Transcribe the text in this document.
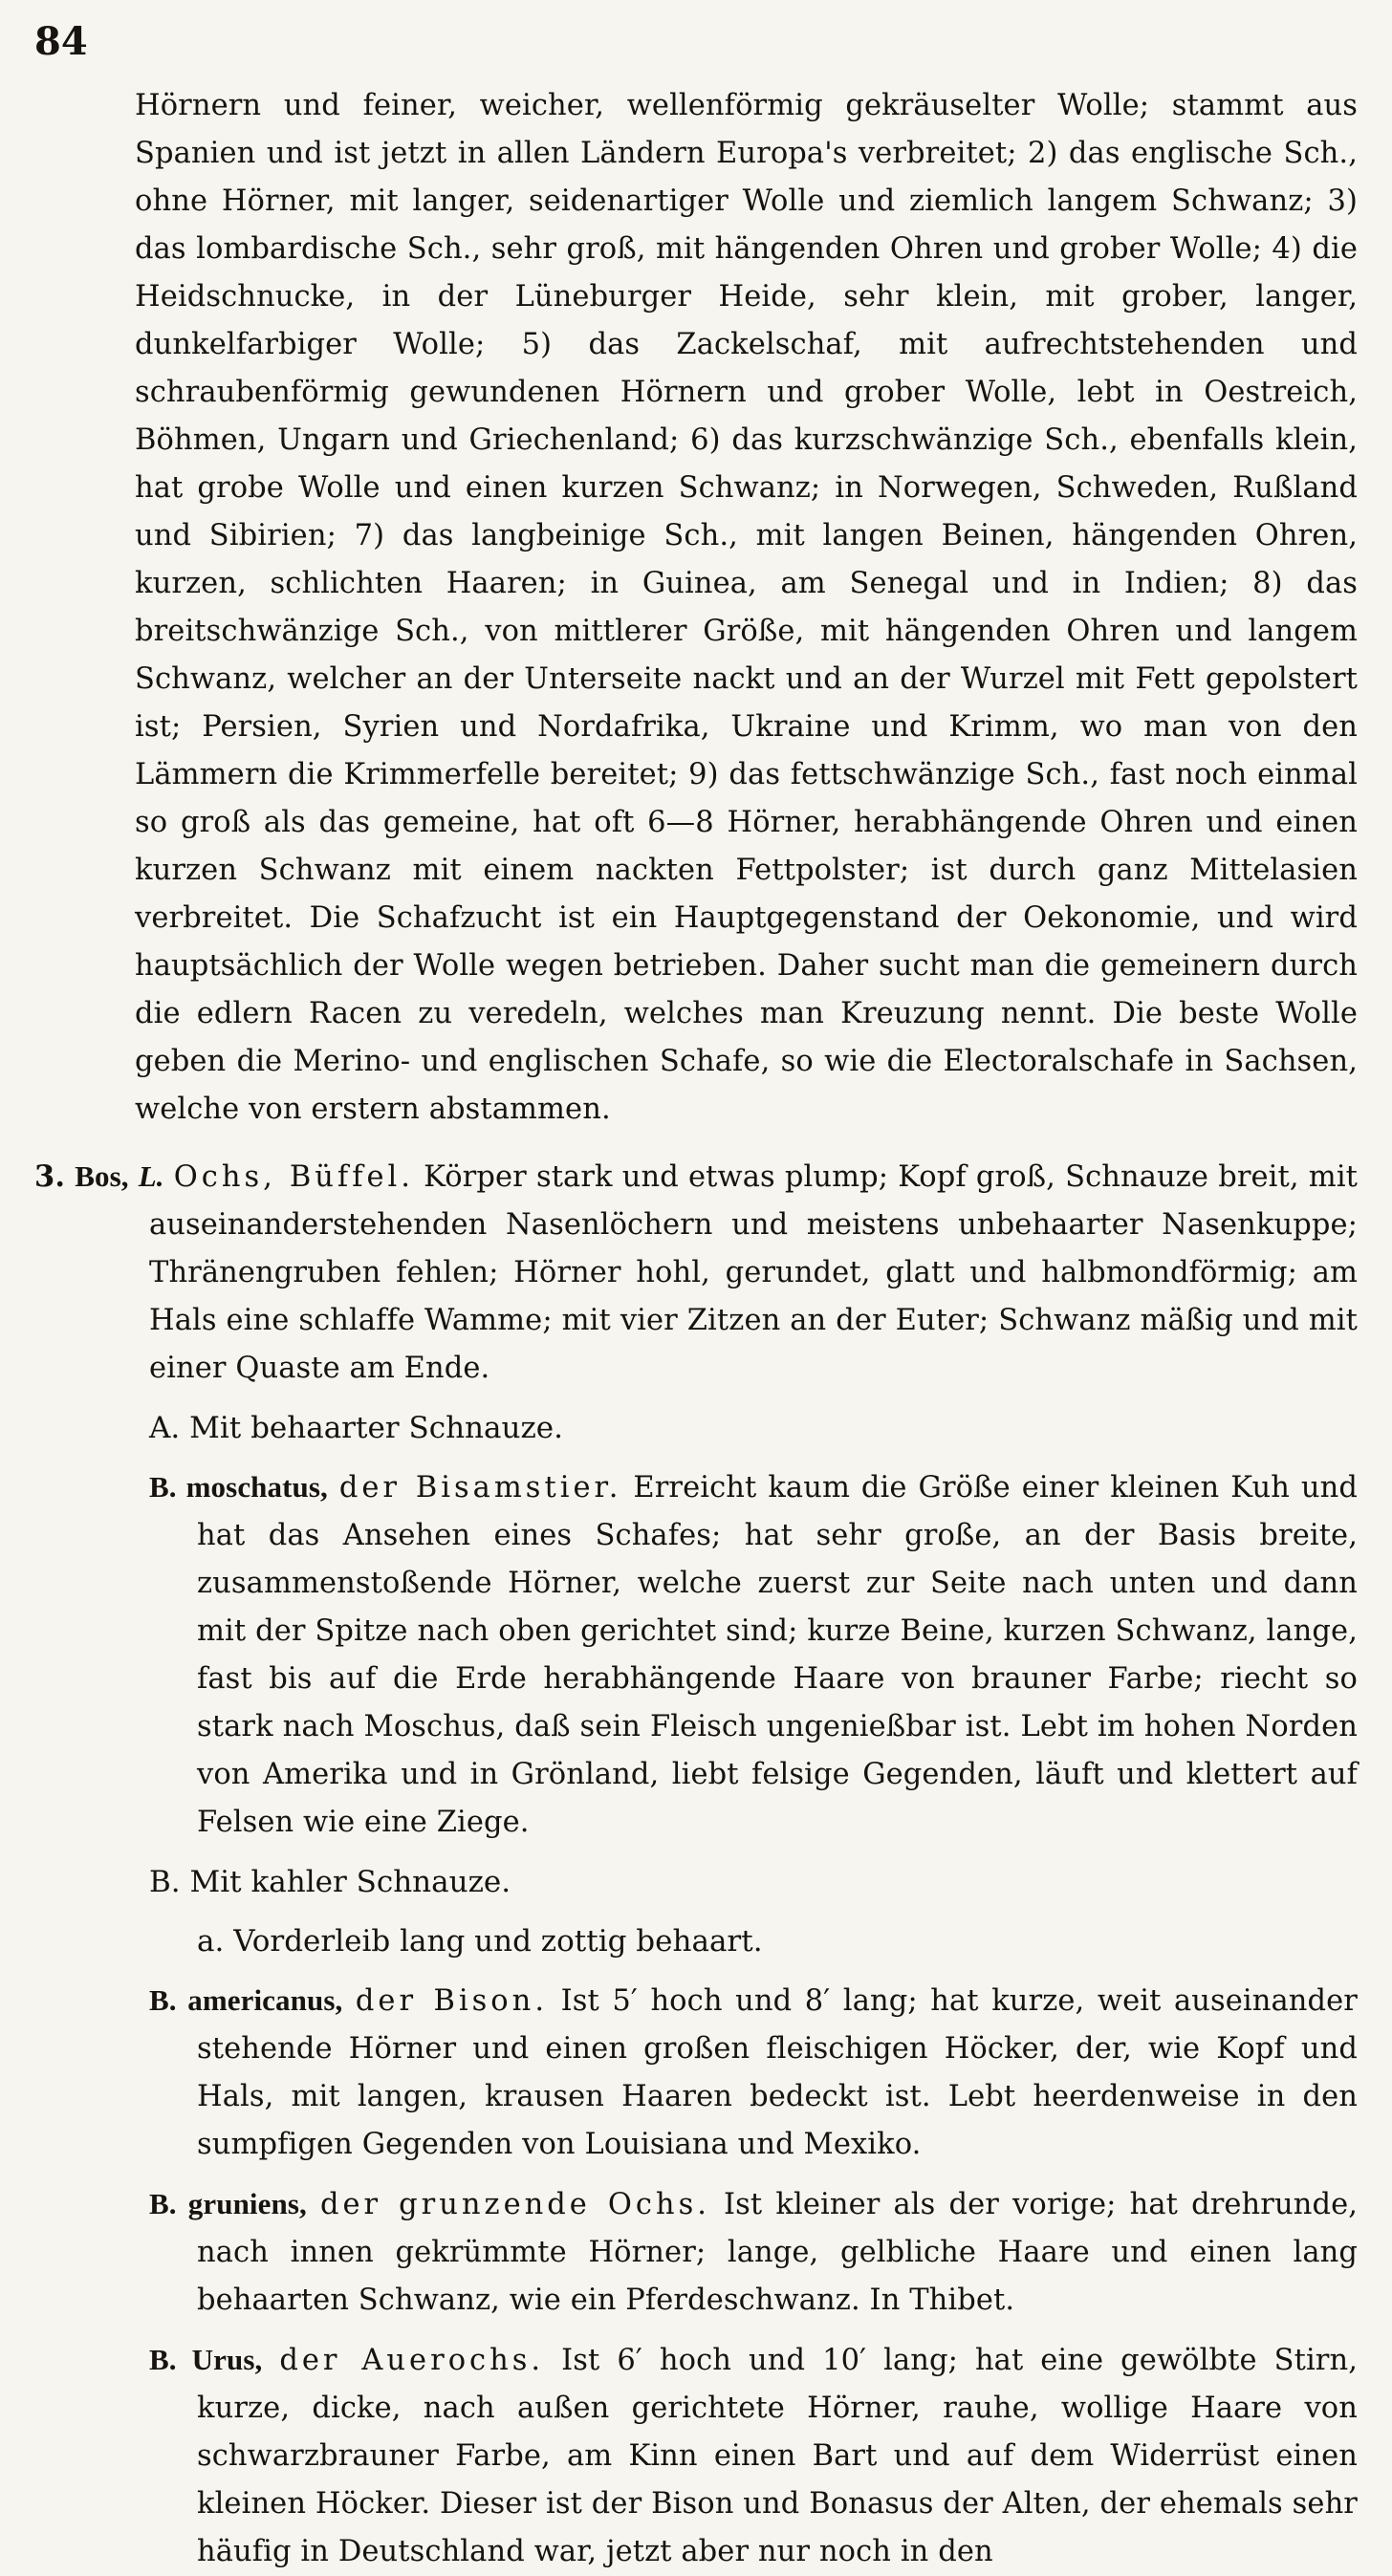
84

Hörnern und feiner, weicher, wellenförmig gekräuselter Wolle; stammt aus Spanien und ist jetzt in allen Ländern Europa's verbreitet; 2) das englische Sch., ohne Hörner, mit langer, seidenartiger Wolle und ziemlich langem Schwanz; 3) das lombardische Sch., sehr groß, mit hängenden Ohren und grober Wolle; 4) die Heidschnucke, in der Lüneburger Heide, sehr klein, mit grober, langer, dunkelfarbiger Wolle; 5) das Zackelschaf, mit aufrechtstehenden und schraubenförmig gewundenen Hörnern und grober Wolle, lebt in Oestreich, Böhmen, Ungarn und Griechenland; 6) das kurzschwänzige Sch., ebenfalls klein, hat grobe Wolle und einen kurzen Schwanz; in Norwegen, Schweden, Rußland und Sibirien; 7) das langbeinige Sch., mit langen Beinen, hängenden Ohren, kurzen, schlichten Haaren; in Guinea, am Senegal und in Indien; 8) das breitschwänzige Sch., von mittlerer Größe, mit hängenden Ohren und langem Schwanz, welcher an der Unterseite nackt und an der Wurzel mit Fett gepolstert ist; Persien, Syrien und Nordafrika, Ukraine und Krimm, wo man von den Lämmern die Krimmerfelle bereitet; 9) das fettschwänzige Sch., fast noch einmal so groß als das gemeine, hat oft 6—8 Hörner, herabhängende Ohren und einen kurzen Schwanz mit einem nackten Fettpolster; ist durch ganz Mittelasien verbreitet. Die Schafzucht ist ein Hauptgegenstand der Oekonomie, und wird hauptsächlich der Wolle wegen betrieben. Daher sucht man die gemeinern durch die edlern Racen zu veredeln, welches man Kreuzung nennt. Die beste Wolle geben die Merino- und englischen Schafe, so wie die Electoralschafe in Sachsen, welche von erstern abstammen.

3. Bos, L. Ochs, Büffel. Körper stark und etwas plump; Kopf groß, Schnauze breit, mit auseinanderstehenden Nasenlöchern und meistens unbehaarter Nasenkuppe; Thränengruben fehlen; Hörner hohl, gerundet, glatt und halbmondförmig; am Hals eine schlaffe Wamme; mit vier Zitzen an der Euter; Schwanz mäßig und mit einer Quaste am Ende.

A. Mit behaarter Schnauze.

B. moschatus, der Bisamstier. Erreicht kaum die Größe einer kleinen Kuh und hat das Ansehen eines Schafes; hat sehr große, an der Basis breite, zusammenstoßende Hörner, welche zuerst zur Seite nach unten und dann mit der Spitze nach oben gerichtet sind; kurze Beine, kurzen Schwanz, lange, fast bis auf die Erde herabhängende Haare von brauner Farbe; riecht so stark nach Moschus, daß sein Fleisch ungenießbar ist. Lebt im hohen Norden von Amerika und in Grönland, liebt felsige Gegenden, läuft und klettert auf Felsen wie eine Ziege.

B. Mit kahler Schnauze.
a. Vorderleib lang und zottig behaart.

B. americanus, der Bison. Ist 5′ hoch und 8′ lang; hat kurze, weit auseinander stehende Hörner und einen großen fleischigen Höcker, der, wie Kopf und Hals, mit langen, krausen Haaren bedeckt ist. Lebt heerdenweise in den sumpfigen Gegenden von Louisiana und Mexiko.

B. gruniens, der grunzende Ochs. Ist kleiner als der vorige; hat drehrunde, nach innen gekrümmte Hörner; lange, gelbliche Haare und einen lang behaarten Schwanz, wie ein Pferdeschwanz. In Thibet.

B. Urus, der Auerochs. Ist 6′ hoch und 10′ lang; hat eine gewölbte Stirn, kurze, dicke, nach außen gerichtete Hörner, rauhe, wollige Haare von schwarzbrauner Farbe, am Kinn einen Bart und auf dem Widerrüst einen kleinen Höcker. Dieser ist der Bison und Bonasus der Alten, der ehemals sehr häufig in Deutschland war, jetzt aber nur noch in den
